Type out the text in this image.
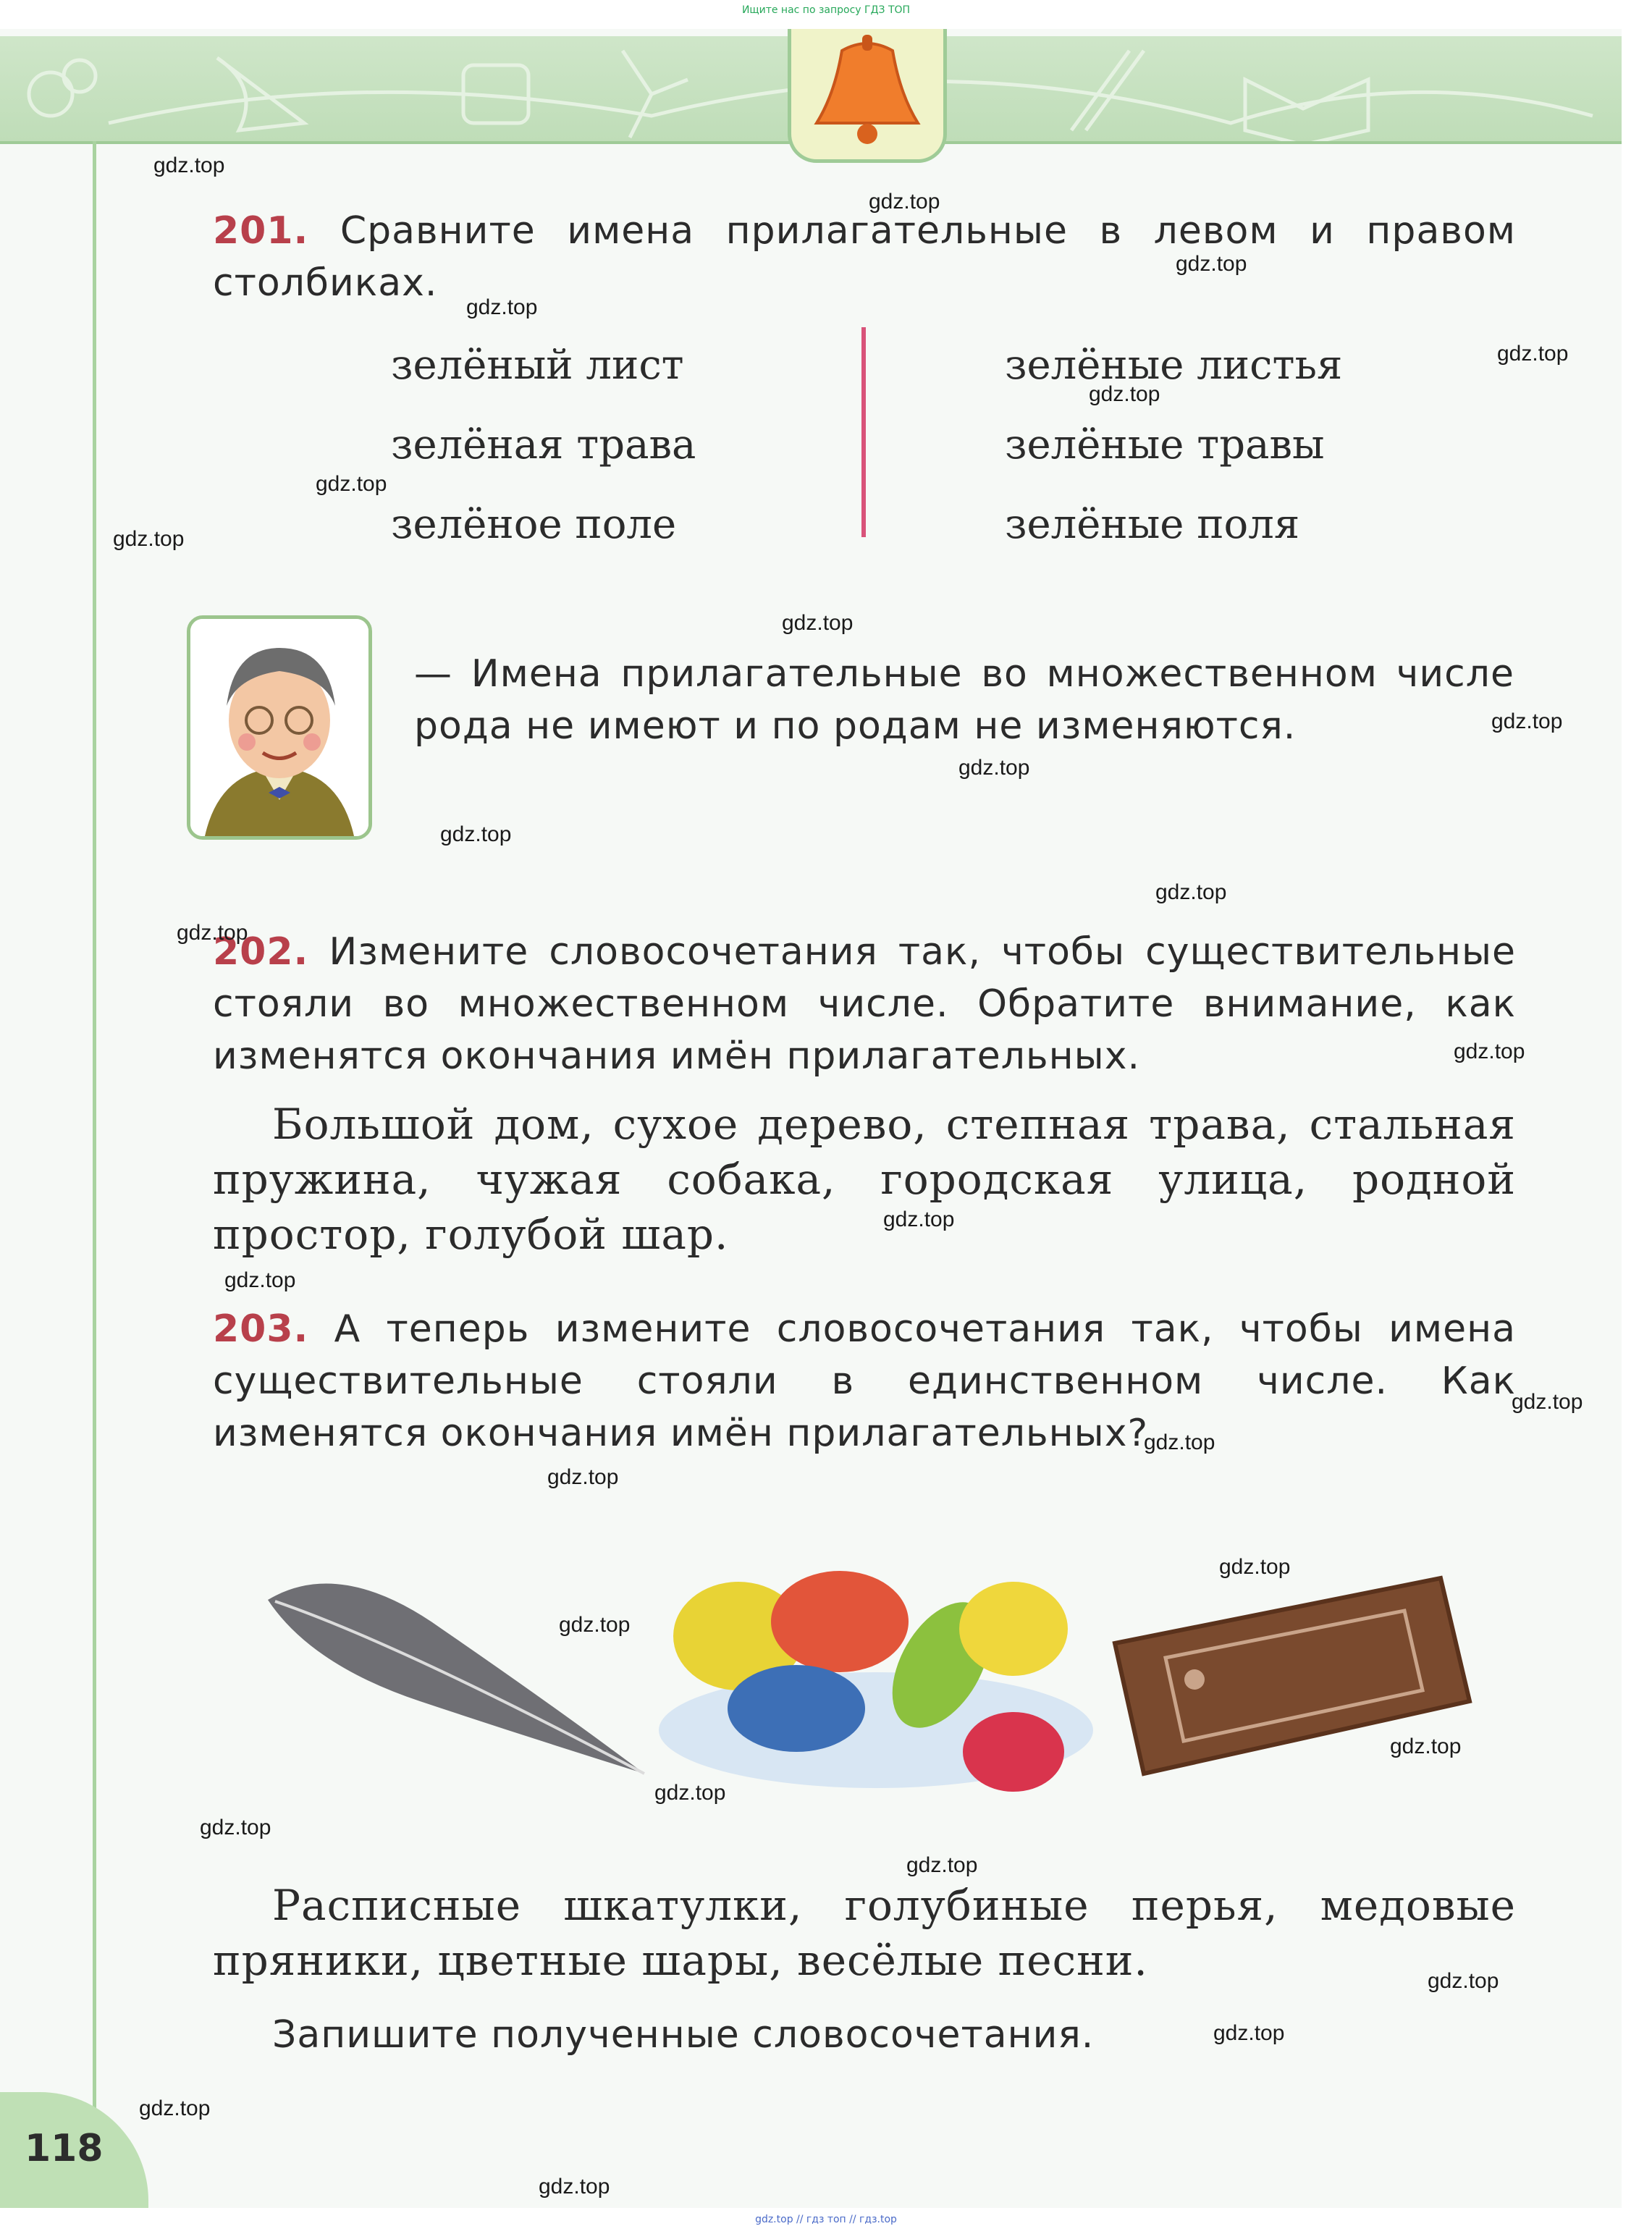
Ищите нас по запросу ГДЗ ТОП
201. Сравните имена прилагательные в левом и правом столбиках.
зелёный лист
зелёная трава
зелёное поле
зелёные листья
зелёные травы
зелёные поля
— Имена прилагательные во множественном числе рода не имеют и по родам не изменяются.
202. Измените словосочетания так, чтобы существительные стояли во множественном числе. Обратите внимание, как изменятся окончания имён прилагательных.
Большой дом, сухое дерево, степная трава, стальная пружина, чужая собака, городская улица, родной простор, голубой шар.
203. А теперь измените словосочетания так, чтобы имена существительные стояли в единственном числе. Как изменятся окончания имён прилагательных?
Расписные шкатулки, голубиные перья, медовые пряники, цветные шары, весёлые песни.
Запишите полученные словосочетания.
118
gdz.top
gdz.top
gdz.top
gdz.top
gdz.top
gdz.top
gdz.top
gdz.top
gdz.top
gdz.top
gdz.top
gdz.top
gdz.top
gdz.top
gdz.top
gdz.top
gdz.top
gdz.top
gdz.top
gdz.top
gdz.top
gdz.top
gdz.top
gdz.top
gdz.top
gdz.top
gdz.top
gdz.top
gdz.top
gdz.top
gdz.top // гдз топ // гдз.top
